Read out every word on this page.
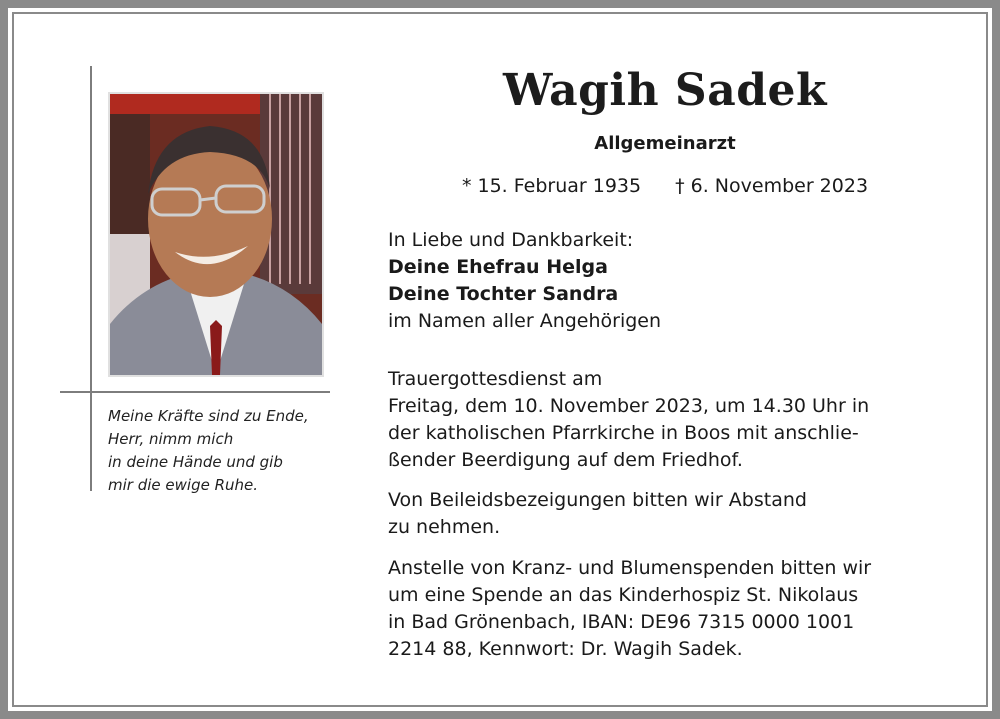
Meine Kräfte sind zu Ende,
Herr, nimm mich
in deine Hände und gib
mir die ewige Ruhe.
Wagih Sadek
Allgemeinarzt
* 15. Februar 1935 † 6. November 2023
In Liebe und Dankbarkeit:
Deine Ehefrau Helga
Deine Tochter Sandra
im Namen aller Angehörigen
Trauergottesdienst am
Freitag, dem 10. November 2023, um 14.30 Uhr in
der katholischen Pfarrkirche in Boos mit anschlie-
ßender Beerdigung auf dem Friedhof.
Von Beileidsbezeigungen bitten wir Abstand
zu nehmen.
Anstelle von Kranz- und Blumenspenden bitten wir
um eine Spende an das Kinderhospiz St. Nikolaus
in Bad Grönenbach, IBAN: DE96 7315 0000 1001
2214 88, Kennwort: Dr. Wagih Sadek.
